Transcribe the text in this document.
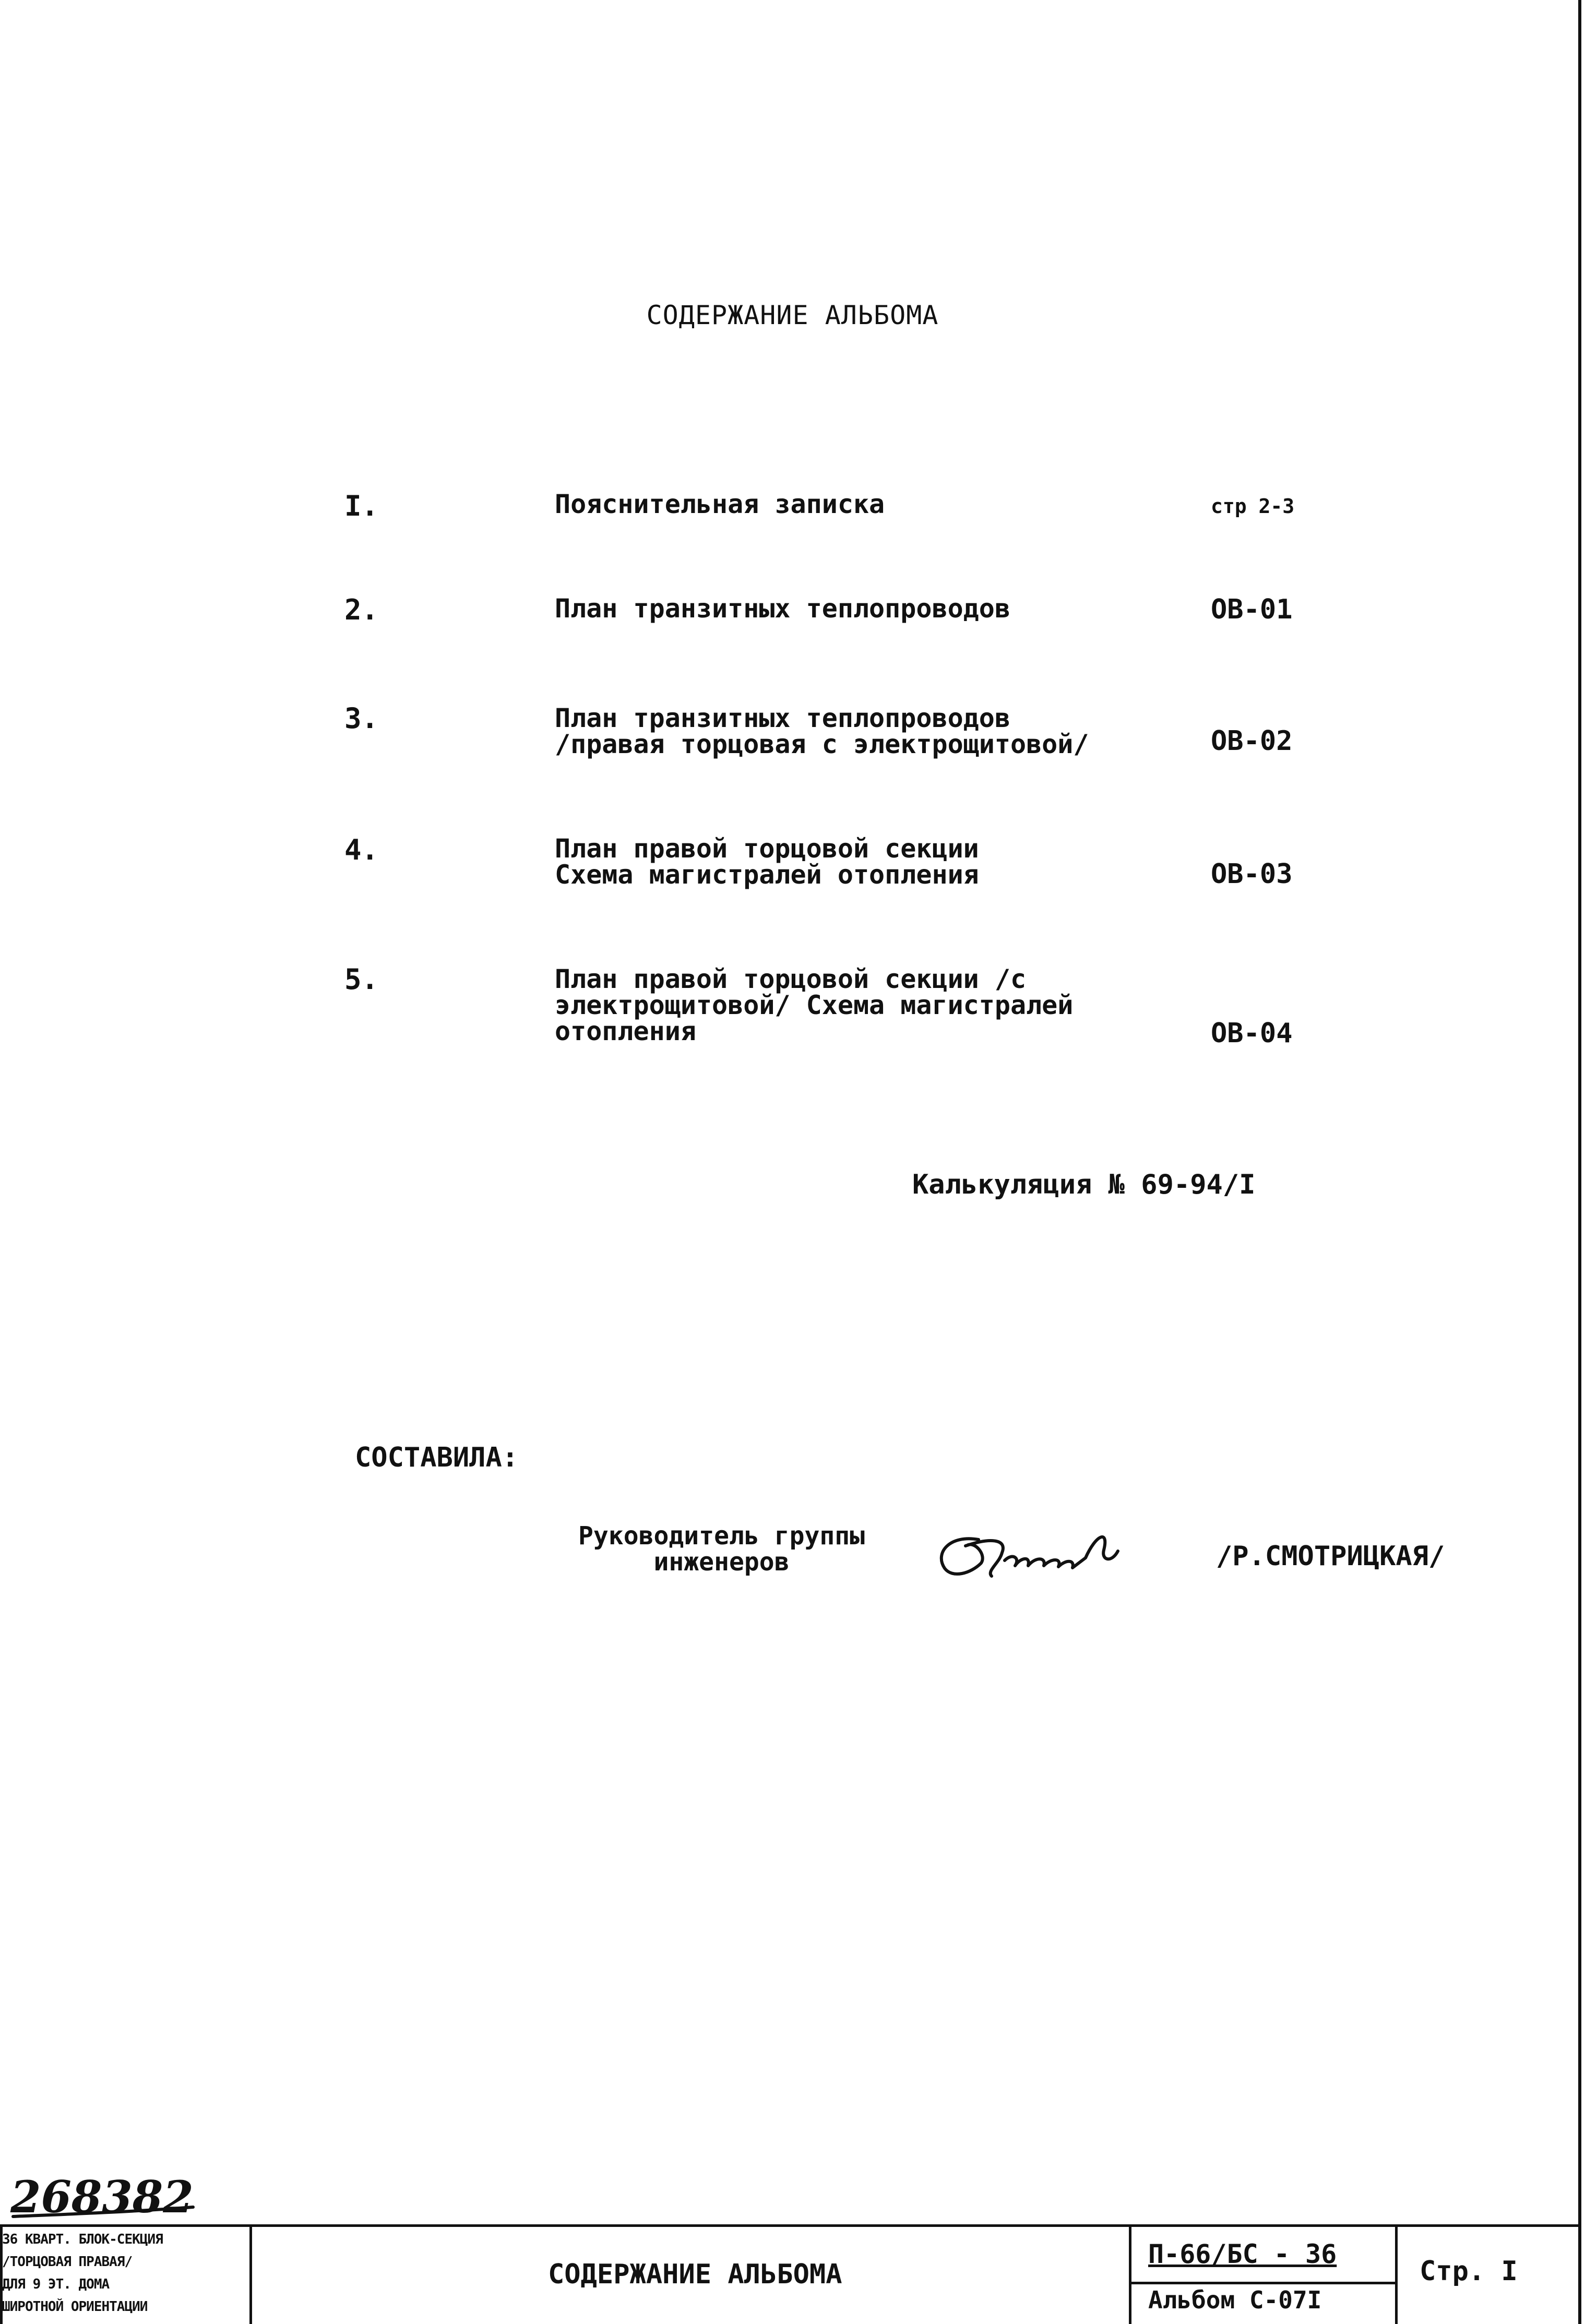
СОДЕРЖАНИЕ АЛЬБОМА
I.	Пояснительная записка	стр 2-3
2.	План транзитных теплопроводов	ОВ-01
3.	План транзитных теплопроводов
/правая торцовая с электрощитовой/	ОВ-02
4.	План правой торцовой секции
Схема магистралей отопления	ОВ-03
5.	План правой торцовой секции /с
электрощитовой/ Схема магистралей
отопления	ОВ-04
Калькуляция № 69-94/I
СОСТАВИЛА:
Руководитель группы
инженеров	/Р.СМОТРИЦКАЯ/
268382
36 КВАРТ. БЛОК-СЕКЦИЯ
/ТОРЦОВАЯ ПРАВАЯ/
ДЛЯ 9 ЭТ. ДОМА
ШИРОТНОЙ ОРИЕНТАЦИИ
СОДЕРЖАНИЕ АЛЬБОМА
П-66/БС - 36
Альбом С-07I
Стр. I
